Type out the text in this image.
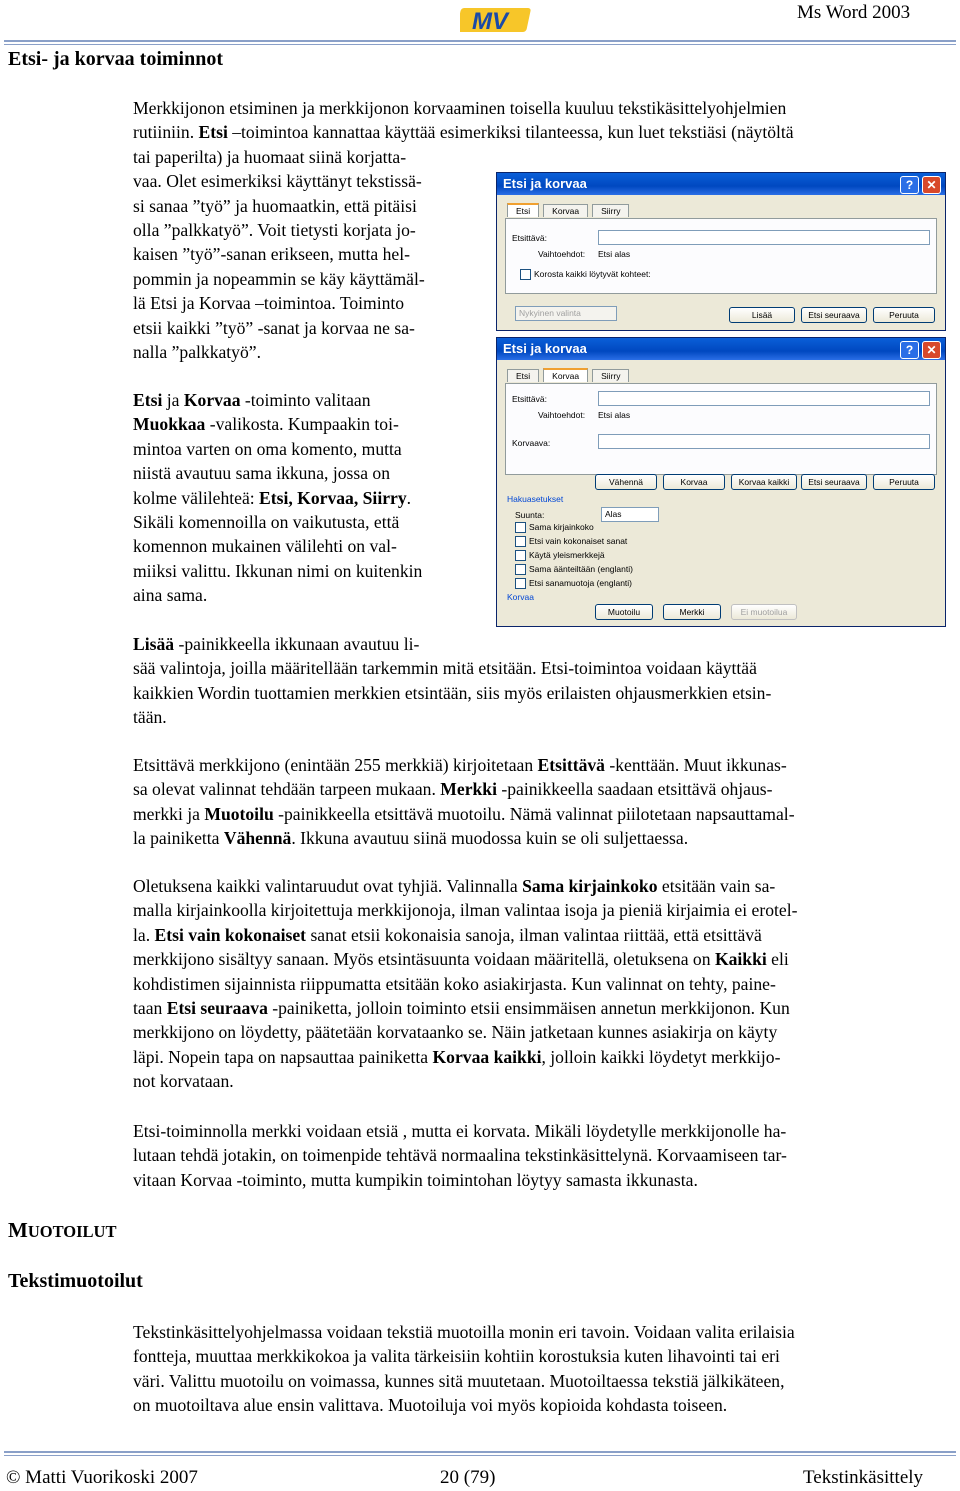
Ms Word 2003
MV
Etsi- ja korvaa toiminnot
Merkkijonon etsiminen ja merkkijonon korvaaminen toisella kuuluu tekstikäsittelyohjelmien
rutiiniin. Etsi –toimintoa kannattaa käyttää esimerkiksi tilanteessa, kun luet tekstiäsi (näytöltä
tai paperilta) ja huomaat siinä korjatta-
vaa. Olet esimerkiksi käyttänyt tekstissä-
si sanaa ”työ” ja huomaatkin, että pitäisi
olla ”palkkatyö”. Voit tietysti korjata jo-
kaisen ”työ”-sanan erikseen, mutta hel-
pommin ja nopeammin se käy käyttämäl-
lä Etsi ja Korvaa –toimintoa. Toiminto
etsii kaikki ”työ” -sanat ja korvaa ne sa-
nalla ”palkkatyö”.
Etsi ja Korvaa -toiminto valitaan
Muokkaa -valikosta. Kumpaakin toi-
mintoa varten on oma komento, mutta
niistä avautuu sama ikkuna, jossa on
kolme välilehteä: Etsi, Korvaa, Siirry.
Sikäli komennoilla on vaikutusta, että
komennon mukainen välilehti on val-
miiksi valittu. Ikkunan nimi on kuitenkin
aina sama.
Etsi ja korvaa	?	✕
Etsi	Korvaa	Siirry
Etsittävä:
Vaihtoehdot: Etsi alas
Korosta kaikki löytyvät kohteet:
Nykyinen valinta	Lisää	Etsi seuraava	Peruuta
Etsi ja korvaa	?	✕
Etsi	Korvaa	Siirry
Etsittävä:
Vaihtoehdot: Etsi alas
Korvaava:
Vähennä	Korvaa	Korvaa kaikki	Etsi seuraava	Peruuta
Hakuasetukset
Suunta:	Alas
Sama kirjainkoko
Etsi vain kokonaiset sanat
Käytä yleismerkkejä
Sama äänteiltään (englanti)
Etsi sanamuotoja (englanti)
Korvaa
Muotoilu	Merkki	Ei muotoilua
Lisää -painikkeella ikkunaan avautuu li-
sää valintoja, joilla määritellään tarkemmin mitä etsitään. Etsi-toimintoa voidaan käyttää
kaikkien Wordin tuottamien merkkien etsintään, siis myös erilaisten ohjausmerkkien etsin-
tään.
Etsittävä merkkijono (enintään 255 merkkiä) kirjoitetaan Etsittävä -kenttään. Muut ikkunas-
sa olevat valinnat tehdään tarpeen mukaan. Merkki -painikkeella saadaan etsittävä ohjaus-
merkki ja Muotoilu -painikkeella etsittävä muotoilu. Nämä valinnat piilotetaan napsauttamal-
la painiketta Vähennä. Ikkuna avautuu siinä muodossa kuin se oli suljettaessa.
Oletuksena kaikki valintaruudut ovat tyhjiä. Valinnalla Sama kirjainkoko etsitään vain sa-
malla kirjainkoolla kirjoitettuja merkkijonoja, ilman valintaa isoja ja pieniä kirjaimia ei erotel-
la. Etsi vain kokonaiset sanat etsii kokonaisia sanoja, ilman valintaa riittää, että etsittävä
merkkijono sisältyy sanaan. Myös etsintäsuunta voidaan määritellä, oletuksena on Kaikki eli
kohdistimen sijainnista riippumatta etsitään koko asiakirjasta. Kun valinnat on tehty, paine-
taan Etsi seuraava -painiketta, jolloin toiminto etsii ensimmäisen annetun merkkijonon. Kun
merkkijono on löydetty, päätetään korvataanko se. Näin jatketaan kunnes asiakirja on käyty
läpi. Nopein tapa on napsauttaa painiketta Korvaa kaikki, jolloin kaikki löydetyt merkkijo-
not korvataan.
Etsi-toiminnolla merkki voidaan etsiä , mutta ei korvata. Mikäli löydetylle merkkijonolle ha-
lutaan tehdä jotakin, on toimenpide tehtävä normaalina tekstinkäsittelynä. Korvaamiseen tar-
vitaan Korvaa -toiminto, mutta kumpikin toimintohan löytyy samasta ikkunasta.
MUOTOILUT
Tekstimuotoilut
Tekstinkäsittelyohjelmassa voidaan tekstiä muotoilla monin eri tavoin. Voidaan valita erilaisia
fontteja, muuttaa merkkikokoa ja valita tärkeisiin kohtiin korostuksia kuten lihavointi tai eri
väri. Valittu muotoilu on voimassa, kunnes sitä muutetaan. Muotoiltaessa tekstiä jälkikäteen,
on muotoiltava alue ensin valittava. Muotoiluja voi myös kopioida kohdasta toiseen.
© Matti Vuorikoski 2007	20 (79)	Tekstinkäsittely
